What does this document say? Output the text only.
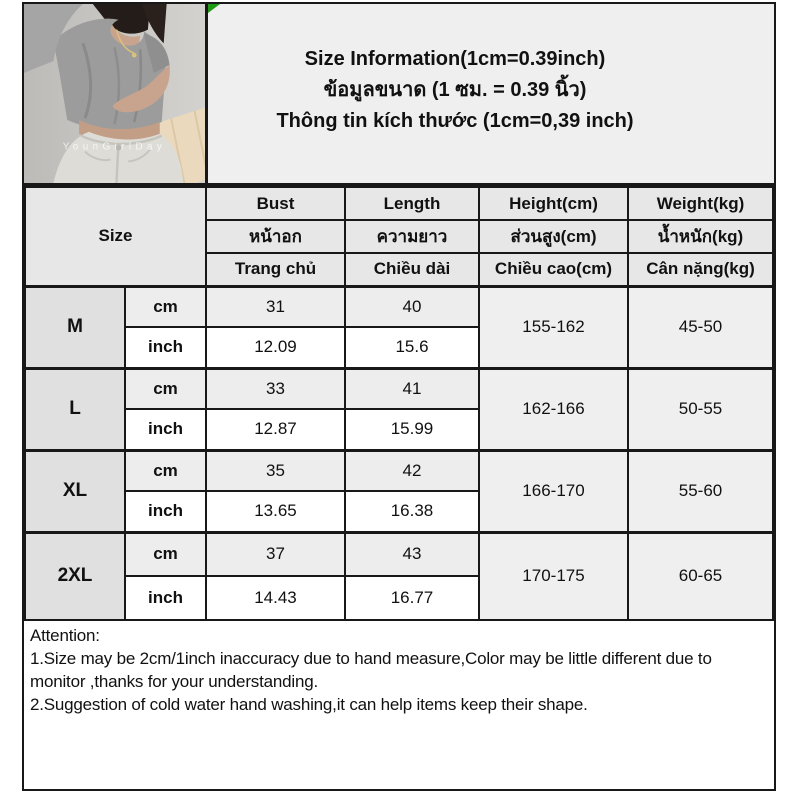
YounGirlDay
Size Information(1cm=0.39inch)
ข้อมูลขนาด (1 ซม. = 0.39 นิ้ว)
Thông tin kích thước (1cm=0,39 inch)
Size		Bust	Length	Height(cm)	Weight(kg)
		หน้าอก	ความยาว	ส่วนสูง(cm)	น้ำหนัก(kg)
		Trang chủ	Chiều dài	Chiều cao(cm)	Cân nặng(kg)
M	cm	31	40	155-162	45-50
	inch	12.09	15.6		
L	cm	33	41	162-166	50-55
	inch	12.87	15.99		
XL	cm	35	42	166-170	55-60
	inch	13.65	16.38		
2XL	cm	37	43	170-175	60-65
	inch	14.43	16.77		
Attention:
1.Size may be 2cm/1inch inaccuracy due to hand measure,Color may be little different due to monitor ,thanks for your understanding.
2.Suggestion of cold water hand washing,it can help items keep their shape.
